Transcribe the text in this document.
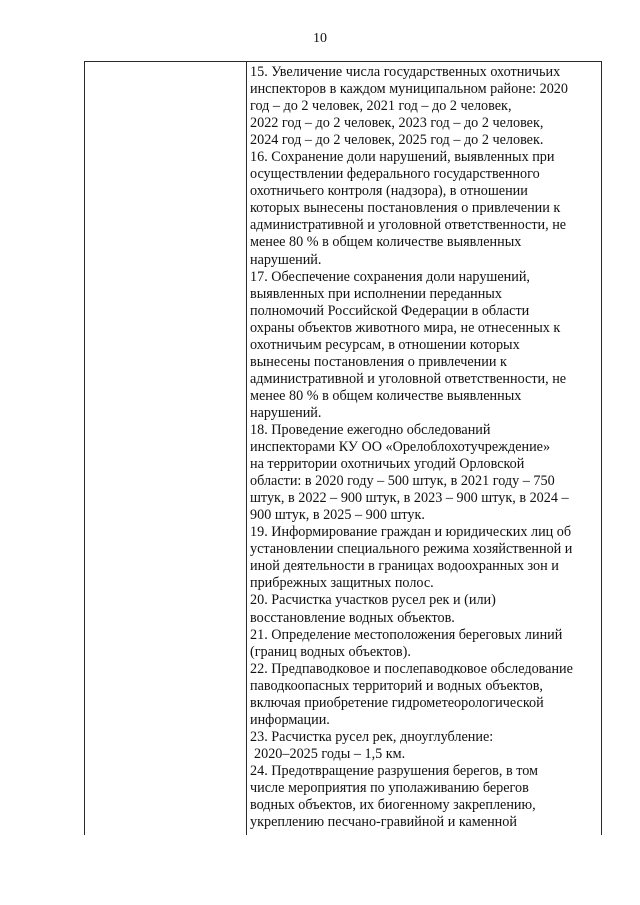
10
15. Увеличение числа государственных охотничьих
инспекторов в каждом муниципальном районе: 2020
год – до 2 человек, 2021 год – до 2 человек,
2022 год – до 2 человек, 2023 год – до 2 человек,
2024 год – до 2 человек, 2025 год – до 2 человек.
16. Сохранение доли нарушений, выявленных при
осуществлении федерального государственного
охотничьего контроля (надзора), в отношении
которых вынесены постановления о привлечении к
административной и уголовной ответственности, не
менее 80 % в общем количестве выявленных
нарушений.
17. Обеспечение сохранения доли нарушений,
выявленных при исполнении переданных
полномочий Российской Федерации в области
охраны объектов животного мира, не отнесенных к
охотничьим ресурсам, в отношении которых
вынесены постановления о привлечении к
административной и уголовной ответственности, не
менее 80 % в общем количестве выявленных
нарушений.
18. Проведение ежегодно обследований
инспекторами КУ ОО «Орелоблохотучреждение»
на территории охотничьих угодий Орловской
области: в 2020 году – 500 штук, в 2021 году – 750
штук, в 2022 – 900 штук, в 2023 – 900 штук, в 2024 –
900 штук, в 2025 – 900 штук.
19. Информирование граждан и юридических лиц об
установлении специального режима хозяйственной и
иной деятельности в границах водоохранных зон и
прибрежных защитных полос.
20. Расчистка участков русел рек и (или)
восстановление водных объектов.
21. Определение местоположения береговых линий
(границ водных объектов).
22. Предпаводковое и послепаводковое обследование
паводкоопасных территорий и водных объектов,
включая приобретение гидрометеорологической
информации.
23. Расчистка русел рек, дноуглубление:
2020–2025 годы – 1,5 км.
24. Предотвращение разрушения берегов, в том
числе мероприятия по уполаживанию берегов
водных объектов, их биогенному закреплению,
укреплению песчано-гравийной и каменной
